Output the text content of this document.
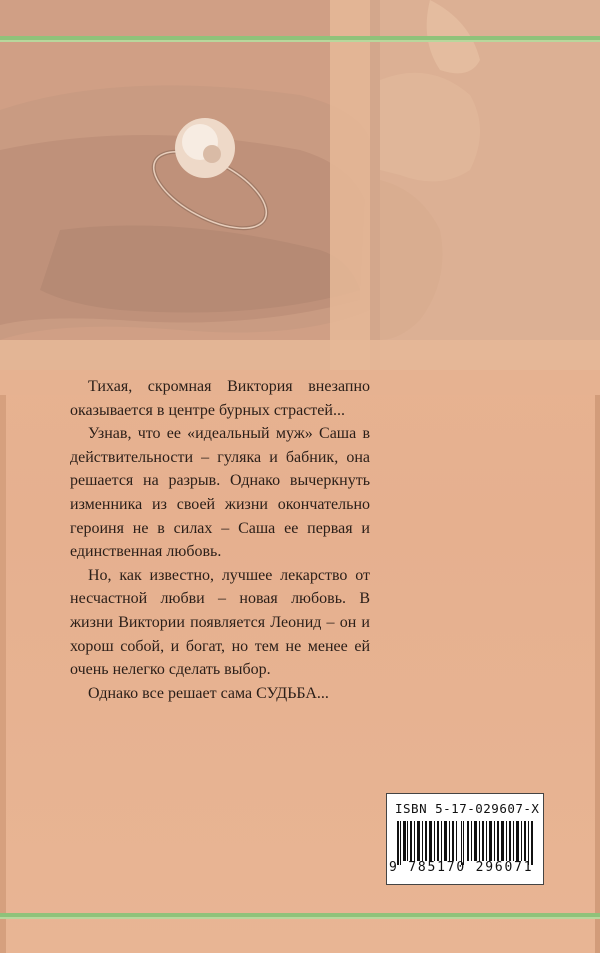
Тихая, скромная Виктория внезапно оказывается в центре бурных страстей...

Узнав, что ее «идеальный муж» Саша в действительности – гуляка и бабник, она решается на разрыв. Однако вычеркнуть изменника из своей жизни окончательно героиня не в силах – Саша ее первая и единственная любовь.

Но, как известно, лучшее лекарство от несчастной любви – новая любовь. В жизни Виктории появляется Леонид – он и хорош собой, и богат, но тем не менее ей очень нелегко сделать выбор.

Однако все решает сама СУДЬБА...

ISBN 5-17-029607-X
9 785170 296071
